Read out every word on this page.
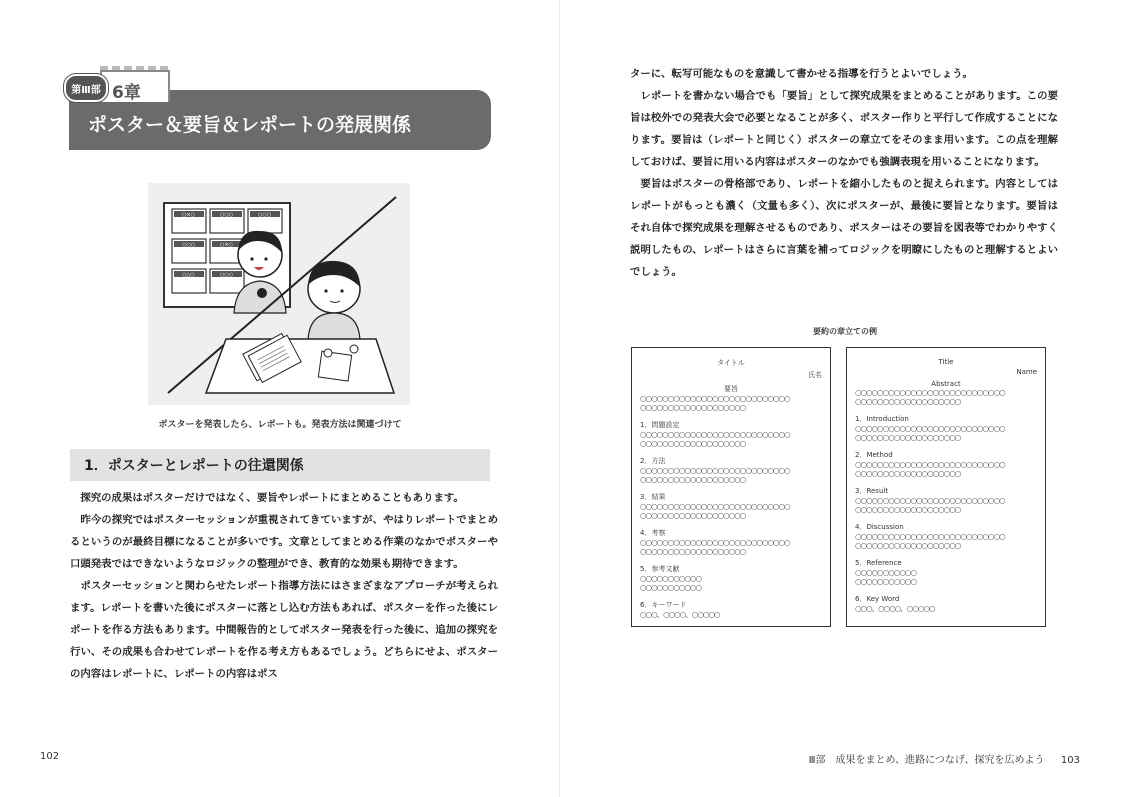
第Ⅲ部 6章
ポスター＆要旨＆レポートの発展関係
○×○	○○○	○○○
○○○	○×○
○△○	○○○
ポスターを発表したら、レポートも。発表方法は関連づけて
1．ポスターとレポートの往還関係

探究の成果はポスターだけではなく、要旨やレポートにまとめることもあります。

昨今の探究ではポスターセッションが重視されてきていますが、やはりレポートでまとめるというのが最終目標になることが多いです。文章としてまとめる作業のなかでポスターや口頭発表ではできないようなロジックの整理ができ、教育的な効果も期待できます。

ポスターセッションと関わらせたレポート指導方法にはさまざまなアプローチが考えられます。レポートを書いた後にポスターに落とし込む方法もあれば、ポスターを作った後にレポートを作る方法もあります。中間報告的としてポスター発表を行った後に、追加の探究を行い、その成果も合わせてレポートを作る考え方もあるでしょう。どちらにせよ、ポスターの内容はレポートに、レポートの内容はポス

102

ターに、転写可能なものを意識して書かせる指導を行うとよいでしょう。

レポートを書かない場合でも「要旨」として探究成果をまとめることがあります。この要旨は校外での発表大会で必要となることが多く、ポスター作りと平行して作成することになります。要旨は（レポートと同じく）ポスターの章立てをそのまま用います。この点を理解しておけば、要旨に用いる内容はポスターのなかでも強調表現を用いることになります。

要旨はポスターの骨格部であり、レポートを縮小したものと捉えられます。内容としてはレポートがもっとも濃く（文量も多く）、次にポスターが、最後に要旨となります。要旨はそれ自体で探究成果を理解させるものであり、ポスターはその要旨を図表等でわかりやすく説明したもの、レポートはさらに言葉を補ってロジックを明瞭にしたものと理解するとよいでしょう。

要約の章立ての例
タイトル
氏名
要旨
○○○○○○○○○○○○○○○○○○○○○○○○○○○
○○○○○○○○○○○○○○○○○○○
1．問題設定
○○○○○○○○○○○○○○○○○○○○○○○○○○○
○○○○○○○○○○○○○○○○○○○
2．方法
○○○○○○○○○○○○○○○○○○○○○○○○○○○
○○○○○○○○○○○○○○○○○○○
3．結果
○○○○○○○○○○○○○○○○○○○○○○○○○○○
○○○○○○○○○○○○○○○○○○○
4．考察
○○○○○○○○○○○○○○○○○○○○○○○○○○○
○○○○○○○○○○○○○○○○○○○
5．参考文献
○○○○○○○○○○○
○○○○○○○○○○○
6．キーワード
○○○、○○○○、○○○○○
Title
Name
Abstract
○○○○○○○○○○○○○○○○○○○○○○○○○○○
○○○○○○○○○○○○○○○○○○○
1．Introduction
○○○○○○○○○○○○○○○○○○○○○○○○○○○
○○○○○○○○○○○○○○○○○○○
2．Method
○○○○○○○○○○○○○○○○○○○○○○○○○○○
○○○○○○○○○○○○○○○○○○○
3．Result
○○○○○○○○○○○○○○○○○○○○○○○○○○○
○○○○○○○○○○○○○○○○○○○
4．Discussion
○○○○○○○○○○○○○○○○○○○○○○○○○○○
○○○○○○○○○○○○○○○○○○○
5．Reference
○○○○○○○○○○○
○○○○○○○○○○○
6．Key Word
○○○、○○○○、○○○○○
Ⅲ部　成果をまとめ、進路につなげ、探究を広めよう 103
